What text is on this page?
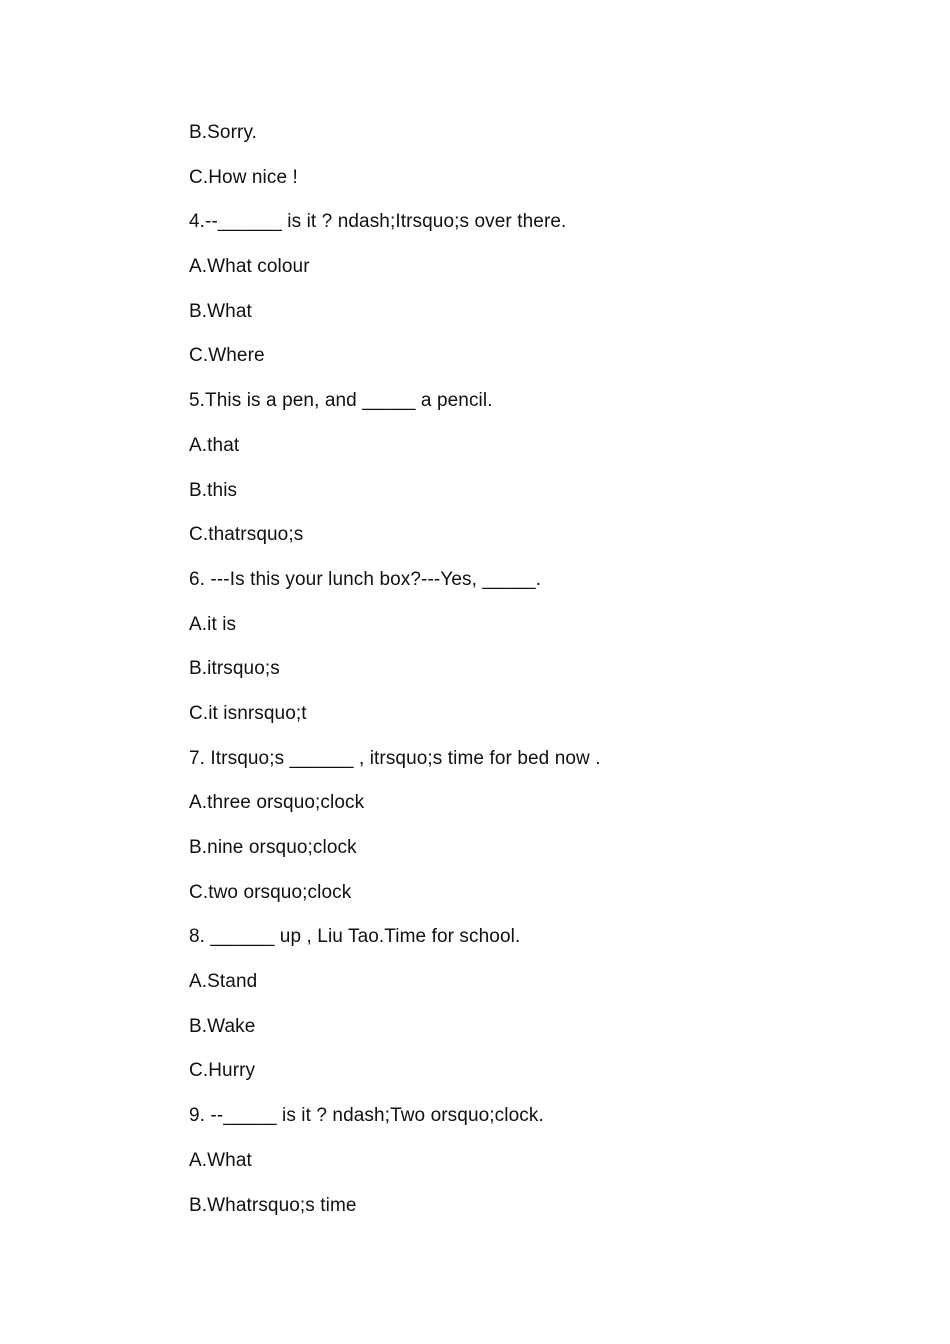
B.Sorry.
C.How nice !
4.--______ is it ? ndash;Itrsquo;s over there.
A.What colour
B.What
C.Where
5.This is a pen, and _____ a pencil.
A.that
B.this
C.thatrsquo;s
6. ---Is this your lunch box?---Yes, _____.
A.it is
B.itrsquo;s
C.it isnrsquo;t
7. Itrsquo;s ______ , itrsquo;s time for bed now .
A.three orsquo;clock
B.nine orsquo;clock
C.two orsquo;clock
8. ______ up , Liu Tao.Time for school.
A.Stand
B.Wake
C.Hurry
9. --_____ is it ? ndash;Two orsquo;clock.
A.What
B.Whatrsquo;s time
